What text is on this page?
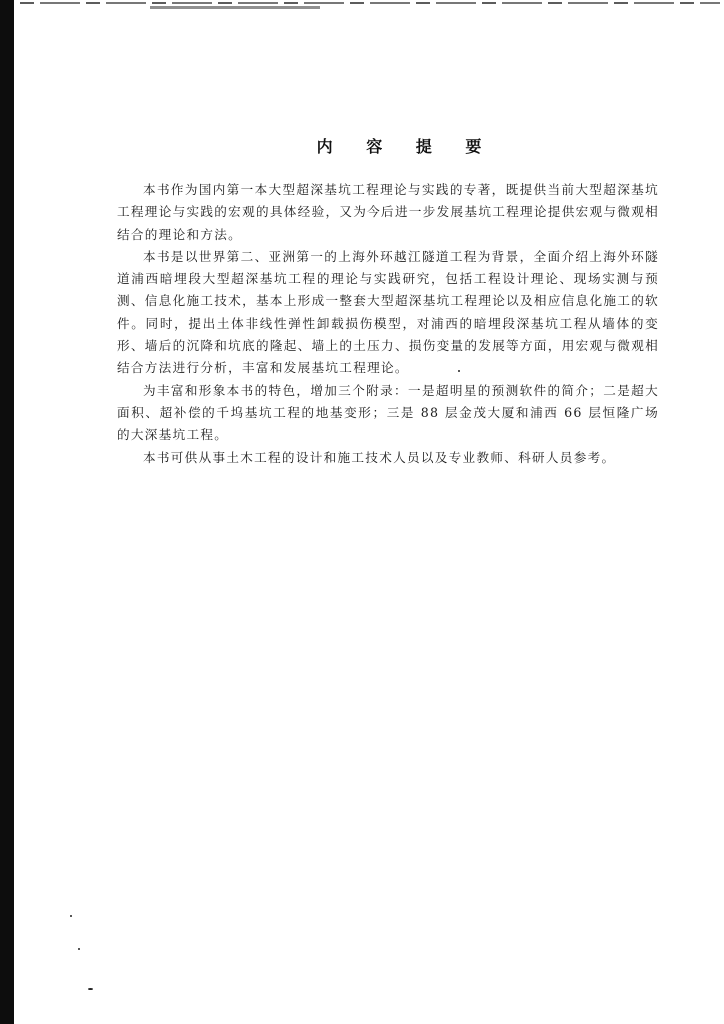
内 容 提 要

本书作为国内第一本大型超深基坑工程理论与实践的专著，既提供当前大型超深基坑工程理论与实践的宏观的具体经验，又为今后进一步发展基坑工程理论提供宏观与微观相结合的理论和方法。

本书是以世界第二、亚洲第一的上海外环越江隧道工程为背景，全面介绍上海外环隧道浦西暗埋段大型超深基坑工程的理论与实践研究，包括工程设计理论、现场实测与预测、信息化施工技术，基本上形成一整套大型超深基坑工程理论以及相应信息化施工的软件。同时，提出土体非线性弹性卸载损伤模型，对浦西的暗埋段深基坑工程从墙体的变形、墙后的沉降和坑底的隆起、墙上的土压力、损伤变量的发展等方面，用宏观与微观相结合方法进行分析，丰富和发展基坑工程理论。

为丰富和形象本书的特色，增加三个附录：一是超明星的预测软件的简介；二是超大面积、超补偿的千坞基坑工程的地基变形；三是 88 层金茂大厦和浦西 66 层恒隆广场的大深基坑工程。

本书可供从事土木工程的设计和施工技术人员以及专业教师、科研人员参考。
